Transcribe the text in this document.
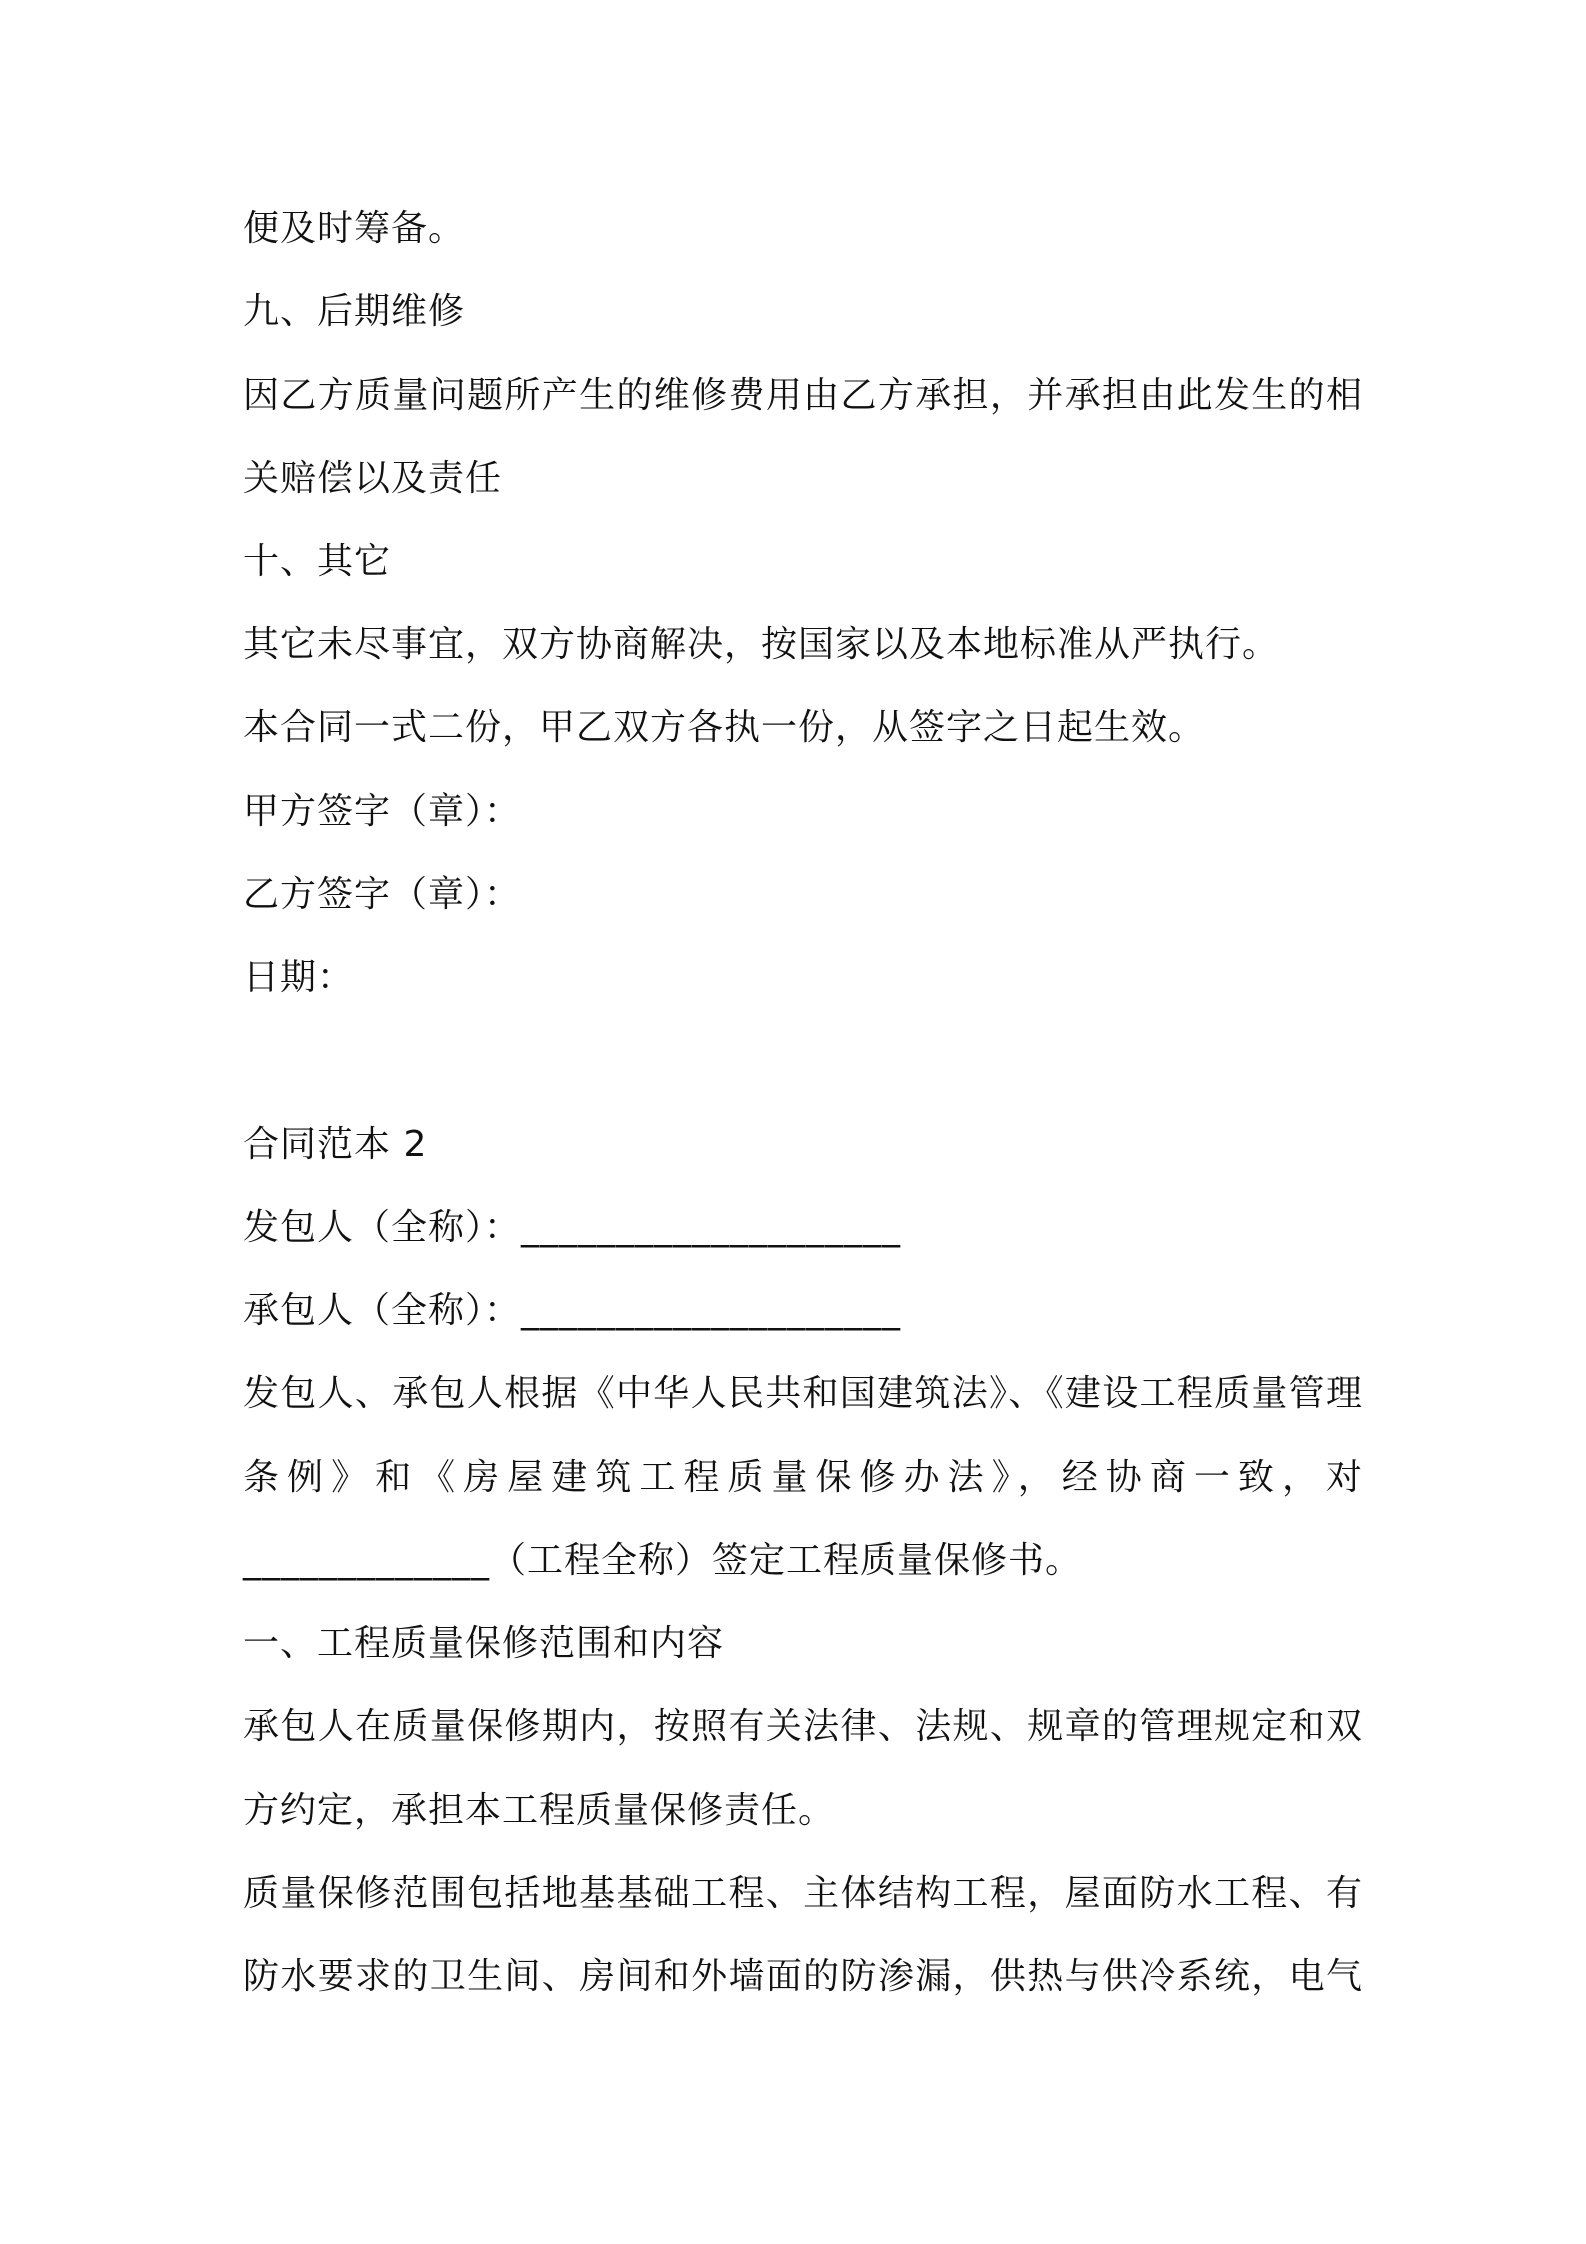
便及时筹备。
九、后期维修
因乙方质量问题所产生的维修费用由乙方承担，并承担由此发生的相
关赔偿以及责任
十、其它
其它未尽事宜，双方协商解决，按国家以及本地标准从严执行。
本合同一式二份，甲乙双方各执一份，从签字之日起生效。
甲方签字（章）：
乙方签字（章）：
日期：
合同范本 2
发包人（全称）：____________________
承包人（全称）：____________________
发包人、承包人根据《中华人民共和国建筑法》、《建设工程质量管理
条例》和《房屋建筑工程质量保修办法》，经协商一致，对
_____________（工程全称）签定工程质量保修书。
一、工程质量保修范围和内容
承包人在质量保修期内，按照有关法律、法规、规章的管理规定和双
方约定，承担本工程质量保修责任。
质量保修范围包括地基基础工程、主体结构工程，屋面防水工程、有
防水要求的卫生间、房间和外墙面的防渗漏，供热与供冷系统，电气
